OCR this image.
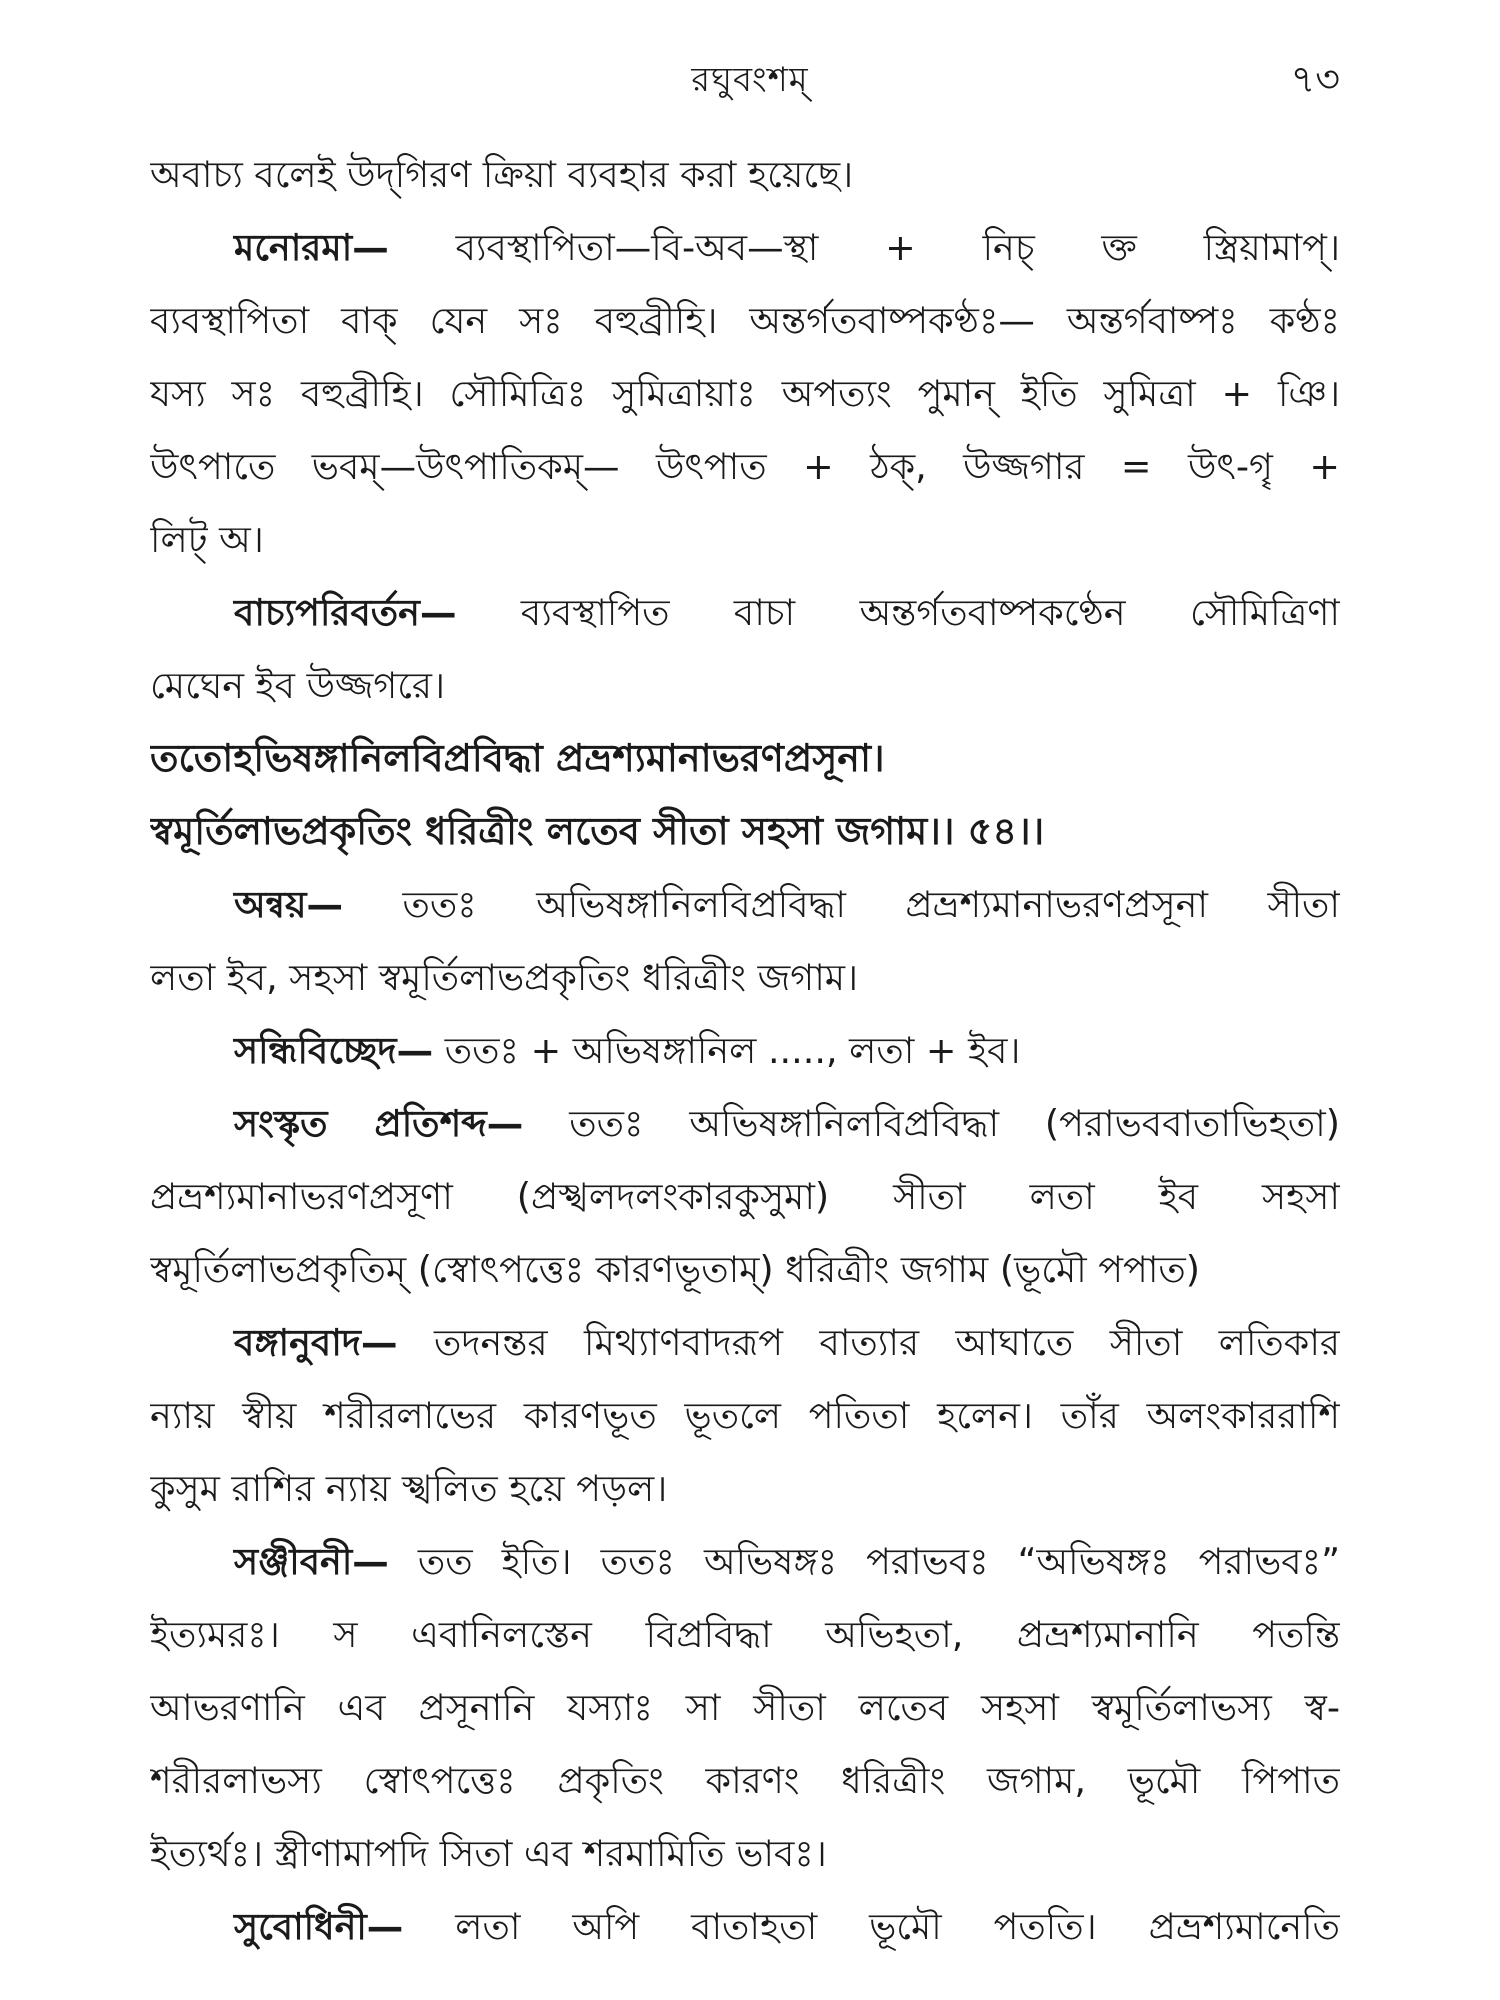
রঘুবংশম্	৭৩
অবাচ্য বলেই উদ্‌গিরণ ক্রিয়া ব্যবহার করা হয়েছে।
মনোরমা— ব্যবস্থাপিতা—বি-অব—স্থা + নিচ্ ক্ত স্ত্রিয়ামাপ্।
ব্যবস্থাপিতা বাক্ যেন সঃ বহুব্রীহি। অন্তর্গতবাষ্পকণ্ঠঃ— অন্তর্গবাষ্পঃ কণ্ঠঃ
যস্য সঃ বহুব্রীহি। সৌমিত্রিঃ সুমিত্রায়াঃ অপত্যং পুমান্ ইতি সুমিত্রা + ঞি।
উৎপাতে ভবম্—উৎপাতিকম্— উৎপাত + ঠক্, উজ্জগার = উৎ-গৄ +
লিট্ অ।
বাচ্যপরিবর্তন— ব্যবস্থাপিত বাচা অন্তর্গতবাষ্পকণ্ঠেন সৌমিত্রিণা
মেঘেন ইব উজ্জগরে।
ততোহভিষঙ্গানিলবিপ্রবিদ্ধা প্রভ্রশ্যমানাভরণপ্রসূনা।
স্বমূর্তিলাভপ্রকৃতিং ধরিত্রীং লতেব সীতা সহসা জগাম।। ৫৪।।
অন্বয়— ততঃ অভিষঙ্গানিলবিপ্রবিদ্ধা প্রভ্রশ্যমানাভরণপ্রসূনা সীতা
লতা ইব, সহসা স্বমূর্তিলাভপ্রকৃতিং ধরিত্রীং জগাম।
সন্ধিবিচ্ছেদ— ততঃ + অভিষঙ্গানিল ....., লতা + ইব।
সংস্কৃত প্রতিশব্দ— ততঃ অভিষঙ্গানিলবিপ্রবিদ্ধা (পরাভববাতাভিহতা)
প্রভ্রশ্যমানাভরণপ্রসূণা (প্রস্খলদলংকারকুসুমা) সীতা লতা ইব সহসা
স্বমূর্তিলাভপ্রকৃতিম্ (স্বোৎপত্তেঃ কারণভূতাম্) ধরিত্রীং জগাম (ভূমৌ পপাত)
বঙ্গানুবাদ— তদনন্তর মিথ্যাণবাদরূপ বাত্যার আঘাতে সীতা লতিকার
ন্যায় স্বীয় শরীরলাভের কারণভূত ভূতলে পতিতা হলেন। তাঁর অলংকাররাশি
কুসুম রাশির ন্যায় স্খলিত হয়ে পড়ল।
সঞ্জীবনী— তত ইতি। ততঃ অভিষঙ্গঃ পরাভবঃ “অভিষঙ্গঃ পরাভবঃ”
ইত্যমরঃ। স এবানিলস্তেন বিপ্রবিদ্ধা অভিহতা, প্রভ্রশ্যমানানি পতন্তি
আভরণানি এব প্রসূনানি যস্যাঃ সা সীতা লতেব সহসা স্বমূর্তিলাভস্য স্ব-
শরীরলাভস্য স্বোৎপত্তেঃ প্রকৃতিং কারণং ধরিত্রীং জগাম, ভূমৌ পিপাত
ইত্যর্থঃ। স্ত্রীণামাপদি সিতা এব শরমামিতি ভাবঃ।
সুবোধিনী— লতা অপি বাতাহতা ভূমৌ পততি। প্রভ্রশ্যমানেতি
